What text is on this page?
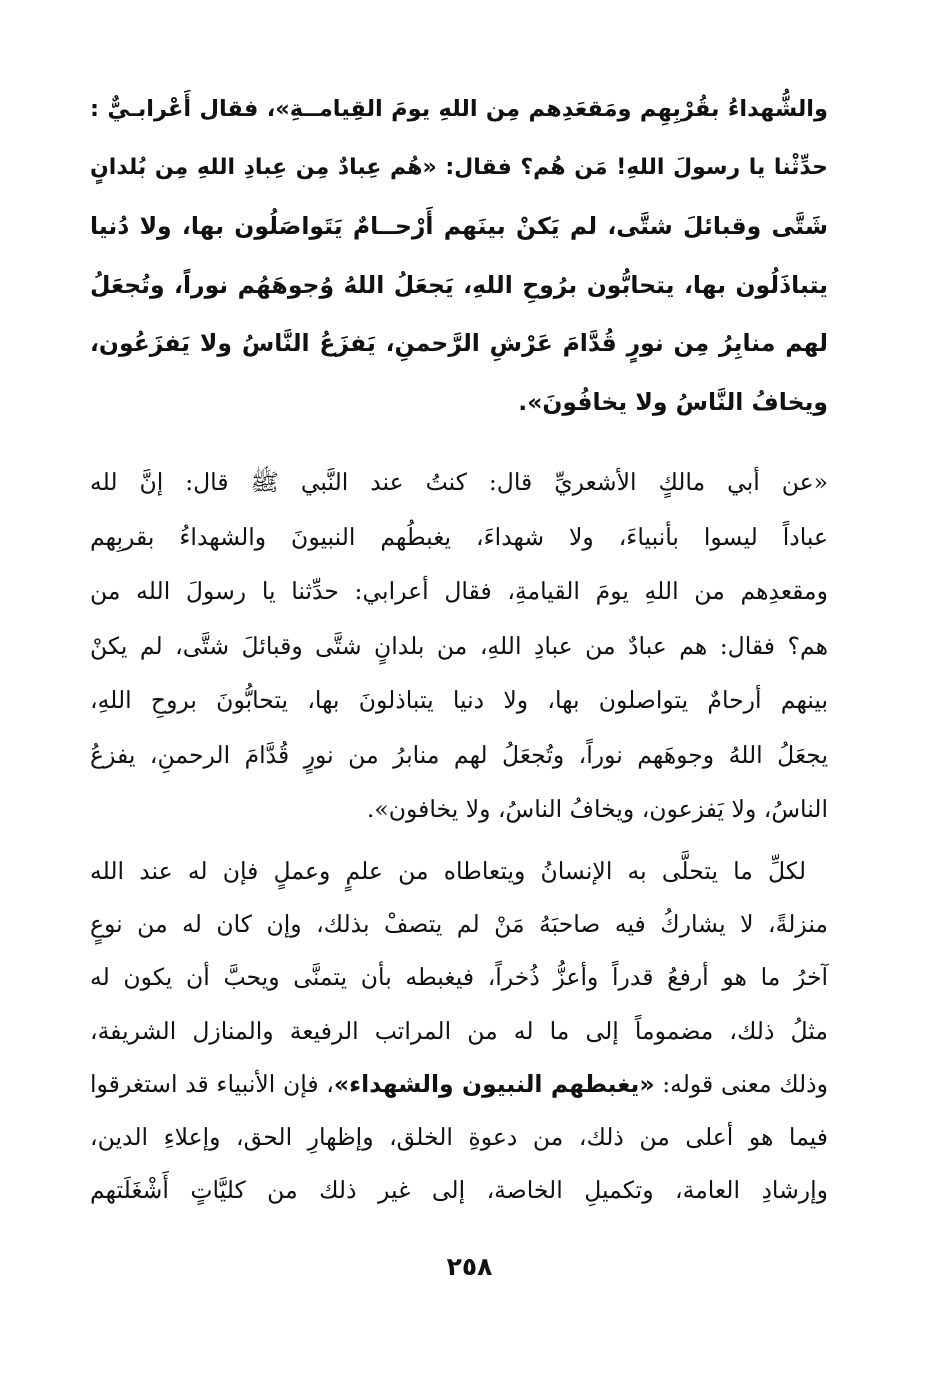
والشُّهداءُ بقُرْبِهِم ومَقعَدِهم مِن اللهِ يومَ القِيامــةِ»، فقال أَعْرابـيٌّ :
حدِّثْنا يا رسولَ اللهِ! مَن هُم؟ فقال: «هُم عِبادٌ مِن عِبادِ اللهِ مِن بُلدانٍ
شَتَّى وقبائلَ شتَّى، لم يَكنْ بينَهم أَرْحــامٌ يَتَواصَلُون بها، ولا دُنيا
يتباذَلُون بها، يتحابُّون برُوحِ اللهِ، يَجعَلُ اللهُ وُجوهَهُم نوراً، وتُجعَلُ
لهم منابِرُ مِن نورٍ قُدَّامَ عَرْشِ الرَّحمنِ، يَفزَعُ النَّاسُ ولا يَفزَعُون،
ويخافُ النَّاسُ ولا يخافُونَ».
«عن أبي مالكٍ الأشعريِّ قال: كنتُ عند النَّبي ﷺ قال: إنَّ لله
عباداً ليسوا بأنبياءَ، ولا شهداءَ، يغبطُهم النبيونَ والشهداءُ بقربِهم
ومقعدِهم من اللهِ يومَ القيامةِ، فقال أعرابي: حدِّثنا يا رسولَ الله من
هم؟ فقال: هم عبادٌ من عبادِ اللهِ، من بلدانٍ شتَّى وقبائلَ شتَّى، لم يكنْ
بينهم أرحامٌ يتواصلون بها، ولا دنيا يتباذلونَ بها، يتحابُّونَ بروحِ اللهِ،
يجعَلُ اللهُ وجوهَهم نوراً، وتُجعَلُ لهم منابرُ من نورٍ قُدَّامَ الرحمنِ، يفزعُ
الناسُ، ولا يَفزعون، ويخافُ الناسُ، ولا يخافون».
لكلِّ ما يتحلَّى به الإنسانُ ويتعاطاه من علمٍ وعملٍ فإن له عند الله
منزلةً، لا يشاركُ فيه صاحبَهُ مَنْ لم يتصفْ بذلك، وإن كان له من نوعٍ
آخرُ ما هو أرفعُ قدراً وأعزُّ ذُخراً، فيغبطه بأن يتمنَّى ويحبَّ أن يكون له
مثلُ ذلك، مضموماً إلى ما له من المراتب الرفيعة والمنازل الشريفة،
وذلك معنى قوله: «يغبطهم النبيون والشهداء»، فإن الأنبياء قد استغرقوا
فيما هو أعلى من ذلك، من دعوةِ الخلق، وإظهارِ الحق، وإعلاءِ الدين،
وإرشادِ العامة، وتكميلِ الخاصة، إلى غير ذلك من كليَّاتٍ أَشْغَلَتهم
٢٥٨
